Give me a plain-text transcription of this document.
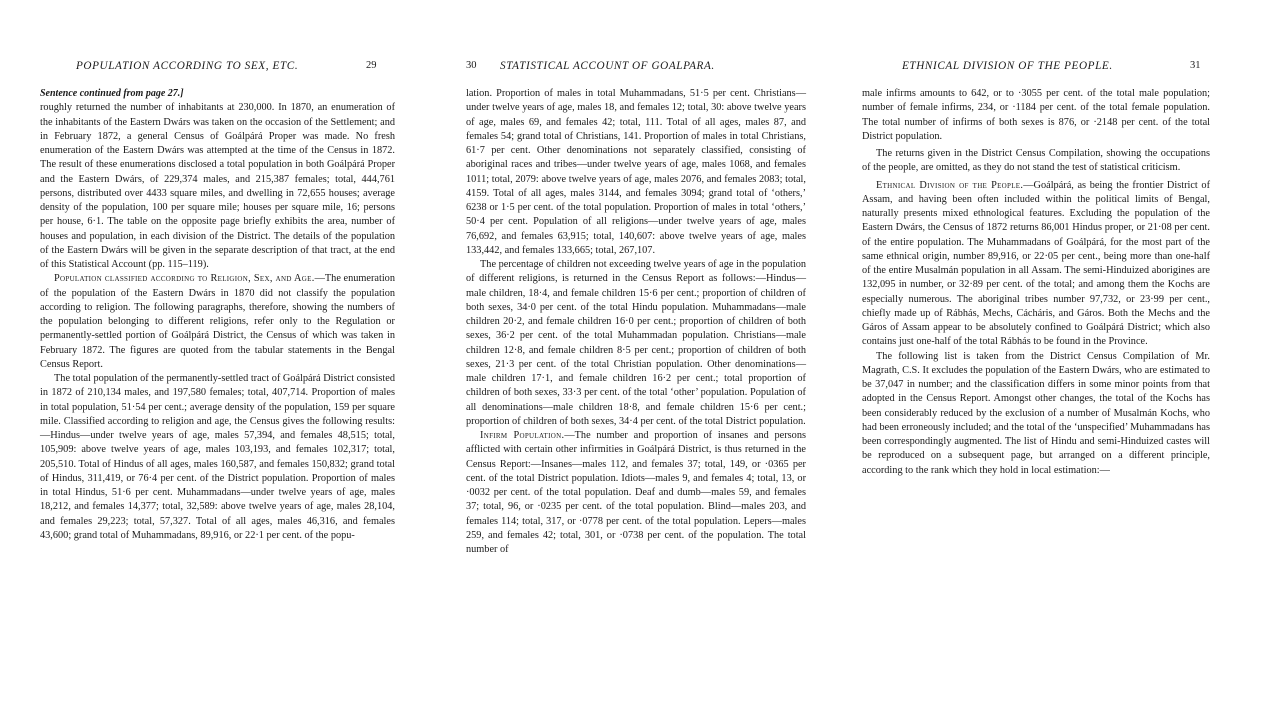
POPULATION ACCORDING TO SEX, ETC.	29

Sentence continued from page 27.]

roughly returned the number of inhabitants at 230,000. In 1870, an enumeration of the inhabitants of the Eastern Dwárs was taken on the occasion of the Settlement; and in February 1872, a general Census of Goálpárá Proper was made. No fresh enumeration of the Eastern Dwárs was attempted at the time of the Census in 1872. The result of these enumerations disclosed a total population in both Goálpárá Proper and the Eastern Dwárs, of 229,374 males, and 215,387 females; total, 444,761 persons, distributed over 4433 square miles, and dwelling in 72,655 houses; average density of the population, 100 per square mile; houses per square mile, 16; persons per house, 6·1. The table on the opposite page briefly exhibits the area, number of houses and population, in each division of the District. The details of the population of the Eastern Dwárs will be given in the separate description of that tract, at the end of this Statistical Account (pp. 115–119).

Population classified according to Religion, Sex, and Age.—The enumeration of the population of the Eastern Dwárs in 1870 did not classify the population according to religion. The following paragraphs, therefore, showing the numbers of the population belonging to different religions, refer only to the Regulation or permanently-settled portion of Goálpárá District, the Census of which was taken in February 1872. The figures are quoted from the tabular statements in the Bengal Census Report.

The total population of the permanently-settled tract of Goálpárá District consisted in 1872 of 210,134 males, and 197,580 females; total, 407,714. Proportion of males in total population, 51·54 per cent.; average density of the population, 159 per square mile. Classified according to religion and age, the Census gives the following results:—Hindus—under twelve years of age, males 57,394, and females 48,515; total, 105,909: above twelve years of age, males 103,193, and females 102,317; total, 205,510. Total of Hindus of all ages, males 160,587, and females 150,832; grand total of Hindus, 311,419, or 76·4 per cent. of the District population. Proportion of males in total Hindus, 51·6 per cent. Muhammadans—under twelve years of age, males 18,212, and females 14,377; total, 32,589: above twelve years of age, males 28,104, and females 29,223; total, 57,327. Total of all ages, males 46,316, and females 43,600; grand total of Muhammadans, 89,916, or 22·1 per cent. of the popu-

30 STATISTICAL ACCOUNT OF GOALPARA.

lation. Proportion of males in total Muhammadans, 51·5 per cent. Christians—under twelve years of age, males 18, and females 12; total, 30: above twelve years of age, males 69, and females 42; total, 111. Total of all ages, males 87, and females 54; grand total of Christians, 141. Proportion of males in total Christians, 61·7 per cent. Other denominations not separately classified, consisting of aboriginal races and tribes—under twelve years of age, males 1068, and females 1011; total, 2079: above twelve years of age, males 2076, and females 2083; total, 4159. Total of all ages, males 3144, and females 3094; grand total of ‘others,’ 6238 or 1·5 per cent. of the total population. Proportion of males in total ‘others,’ 50·4 per cent. Population of all religions—under twelve years of age, males 76,692, and females 63,915; total, 140,607: above twelve years of age, males 133,442, and females 133,665; total, 267,107.

The percentage of children not exceeding twelve years of age in the population of different religions, is returned in the Census Report as follows:—Hindus—male children, 18·4, and female children 15·6 per cent.; proportion of children of both sexes, 34·0 per cent. of the total Hindu population. Muhammadans—male children 20·2, and female children 16·0 per cent.; proportion of children of both sexes, 36·2 per cent. of the total Muhammadan population. Christians—male children 12·8, and female children 8·5 per cent.; proportion of children of both sexes, 21·3 per cent. of the total Christian population. Other denominations—male children 17·1, and female children 16·2 per cent.; total proportion of children of both sexes, 33·3 per cent. of the total ‘other’ population. Population of all denominations—male children 18·8, and female children 15·6 per cent.; proportion of children of both sexes, 34·4 per cent. of the total District population.

Infirm Population.—The number and proportion of insanes and persons afflicted with certain other infirmities in Goálpárá District, is thus returned in the Census Report:—Insanes—males 112, and females 37; total, 149, or ·0365 per cent. of the total District population. Idiots—males 9, and females 4; total, 13, or ·0032 per cent. of the total population. Deaf and dumb—males 59, and females 37; total, 96, or ·0235 per cent. of the total population. Blind—males 203, and females 114; total, 317, or ·0778 per cent. of the total population. Lepers—males 259, and females 42; total, 301, or ·0738 per cent. of the population. The total number of

ETHNICAL DIVISION OF THE PEOPLE.	31

male infirms amounts to 642, or to ·3055 per cent. of the total male population; number of female infirms, 234, or ·1184 per cent. of the total female population. The total number of infirms of both sexes is 876, or ·2148 per cent. of the total District population.

The returns given in the District Census Compilation, showing the occupations of the people, are omitted, as they do not stand the test of statistical criticism.

Ethnical Division of the People.—Goálpárá, as being the frontier District of Assam, and having been often included within the political limits of Bengal, naturally presents mixed ethnological features. Excluding the population of the Eastern Dwárs, the Census of 1872 returns 86,001 Hindus proper, or 21·08 per cent. of the entire population. The Muhammadans of Goálpárá, for the most part of the same ethnical origin, number 89,916, or 22·05 per cent., being more than one-half of the entire Musalmán population in all Assam. The semi-Hinduized aborigines are 132,095 in number, or 32·89 per cent. of the total; and among them the Kochs are especially numerous. The aboriginal tribes number 97,732, or 23·99 per cent., chiefly made up of Rábhás, Mechs, Cácháris, and Gáros. Both the Mechs and the Gáros of Assam appear to be absolutely confined to Goálpárá District; which also contains just one-half of the total Rábhás to be found in the Province.

The following list is taken from the District Census Compilation of Mr. Magrath, C.S. It excludes the population of the Eastern Dwárs, who are estimated to be 37,047 in number; and the classification differs in some minor points from that adopted in the Census Report. Amongst other changes, the total of the Kochs has been considerably reduced by the exclusion of a number of Musalmán Kochs, who had been erroneously included; and the total of the ‘unspecified’ Muhammadans has been correspondingly augmented. The list of Hindu and semi-Hinduized castes will be reproduced on a subsequent page, but arranged on a different principle, according to the rank which they hold in local estimation:—
